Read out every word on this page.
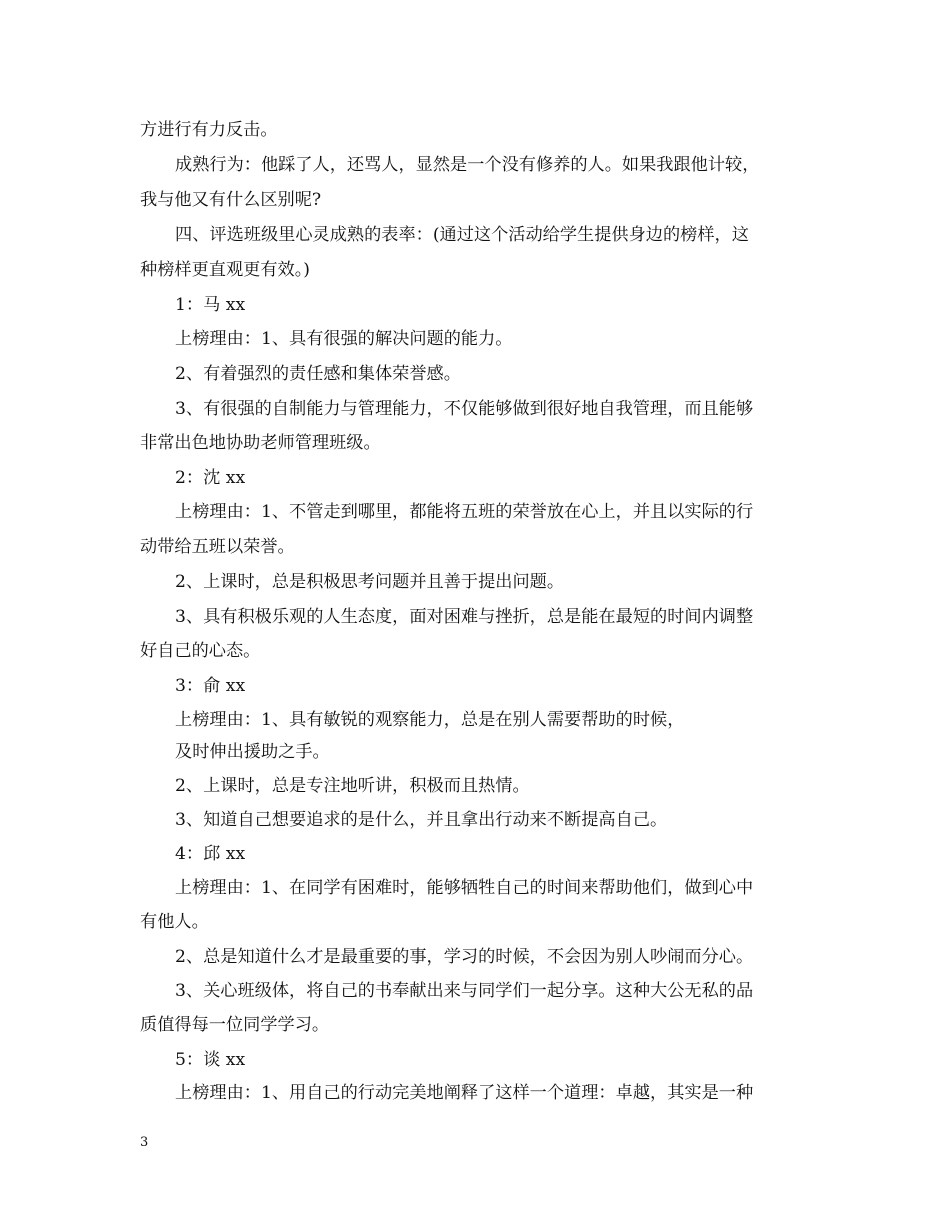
方进行有力反击。
成熟行为：他踩了人，还骂人，显然是一个没有修养的人。如果我跟他计较，
我与他又有什么区别呢?
四、评选班级里心灵成熟的表率：(通过这个活动给学生提供身边的榜样，这
种榜样更直观更有效。)
1：马 xx
上榜理由：1、具有很强的解决问题的能力。
2、有着强烈的责任感和集体荣誉感。
3、有很强的自制能力与管理能力，不仅能够做到很好地自我管理，而且能够
非常出色地协助老师管理班级。
2：沈 xx
上榜理由：1、不管走到哪里，都能将五班的荣誉放在心上，并且以实际的行
动带给五班以荣誉。
2、上课时，总是积极思考问题并且善于提出问题。
3、具有积极乐观的人生态度，面对困难与挫折，总是能在最短的时间内调整
好自己的心态。
3：俞 xx
上榜理由：1、具有敏锐的观察能力，总是在别人需要帮助的时候，
及时伸出援助之手。
2、上课时，总是专注地听讲，积极而且热情。
3、知道自己想要追求的是什么，并且拿出行动来不断提高自己。
4：邱 xx
上榜理由：1、在同学有困难时，能够牺牲自己的时间来帮助他们，做到心中
有他人。
2、总是知道什么才是最重要的事，学习的时候，不会因为别人吵闹而分心。
3、关心班级体，将自己的书奉献出来与同学们一起分享。这种大公无私的品
质值得每一位同学学习。
5：谈 xx
上榜理由：1、用自己的行动完美地阐释了这样一个道理：卓越，其实是一种
3
